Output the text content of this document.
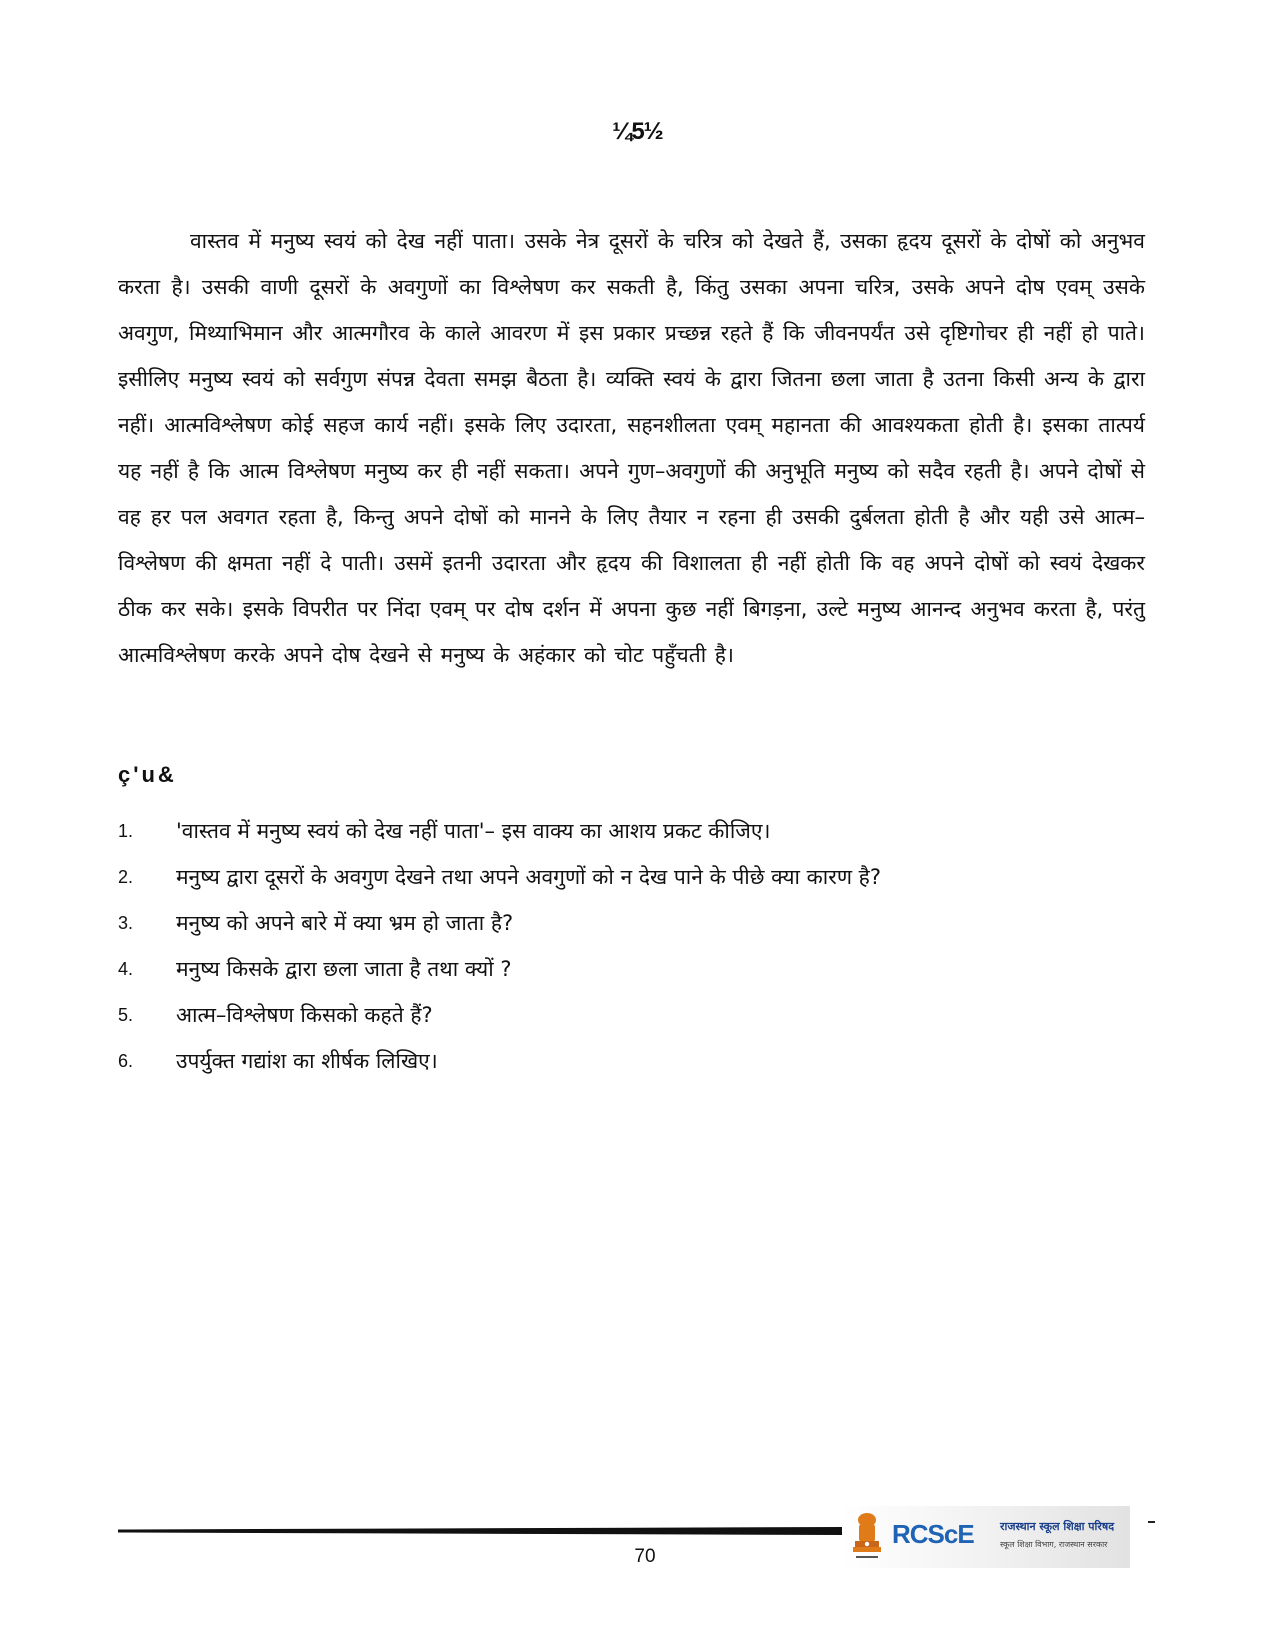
¼5½

वास्तव में मनुष्य स्वयं को देख नहीं पाता। उसके नेत्र दूसरों के चरित्र को देखते हैं, उसका हृदय दूसरों के दोषों को अनुभव करता है। उसकी वाणी दूसरों के अवगुणों का विश्लेषण कर सकती है, किंतु उसका अपना चरित्र, उसके अपने दोष एवम् उसके अवगुण, मिथ्याभिमान और आत्मगौरव के काले आवरण में इस प्रकार प्रच्छन्न रहते हैं कि जीवनपर्यंत उसे दृष्टिगोचर ही नहीं हो पाते। इसीलिए मनुष्य स्वयं को सर्वगुण संपन्न देवता समझ बैठता है। व्यक्ति स्वयं के द्वारा जितना छला जाता है उतना किसी अन्य के द्वारा नहीं। आत्मविश्लेषण कोई सहज कार्य नहीं। इसके लिए उदारता, सहनशीलता एवम् महानता की आवश्यकता होती है। इसका तात्पर्य यह नहीं है कि आत्म विश्लेषण मनुष्य कर ही नहीं सकता। अपने गुण–अवगुणों की अनुभूति मनुष्य को सदैव रहती है। अपने दोषों से वह हर पल अवगत रहता है, किन्तु अपने दोषों को मानने के लिए तैयार न रहना ही उसकी दुर्बलता होती है और यही उसे आत्म–विश्लेषण की क्षमता नहीं दे पाती। उसमें इतनी उदारता और हृदय की विशालता ही नहीं होती कि वह अपने दोषों को स्वयं देखकर ठीक कर सके। इसके विपरीत पर निंदा एवम् पर दोष दर्शन में अपना कुछ नहीं बिगड़ना, उल्टे मनुष्य आनन्द अनुभव करता है, परंतु आत्मविश्लेषण करके अपने दोष देखने से मनुष्य के अहंकार को चोट पहुँचती है।

ç'u&
1.	'वास्तव में मनुष्य स्वयं को देख नहीं पाता'– इस वाक्य का आशय प्रकट कीजिए।
2.	मनुष्य द्वारा दूसरों के अवगुण देखने तथा अपने अवगुणों को न देख पाने के पीछे क्या कारण है?
3.	मनुष्य को अपने बारे में क्या भ्रम हो जाता है?
4.	मनुष्य किसके द्वारा छला जाता है तथा क्यों ?
5.	आत्म–विश्लेषण किसको कहते हैं?
6.	उपर्युक्त गद्यांश का शीर्षक लिखिए।
70
RCScE राजस्थान स्कूल शिक्षा परिषद
स्कूल शिक्षा विभाग, राजस्थान सरकार
